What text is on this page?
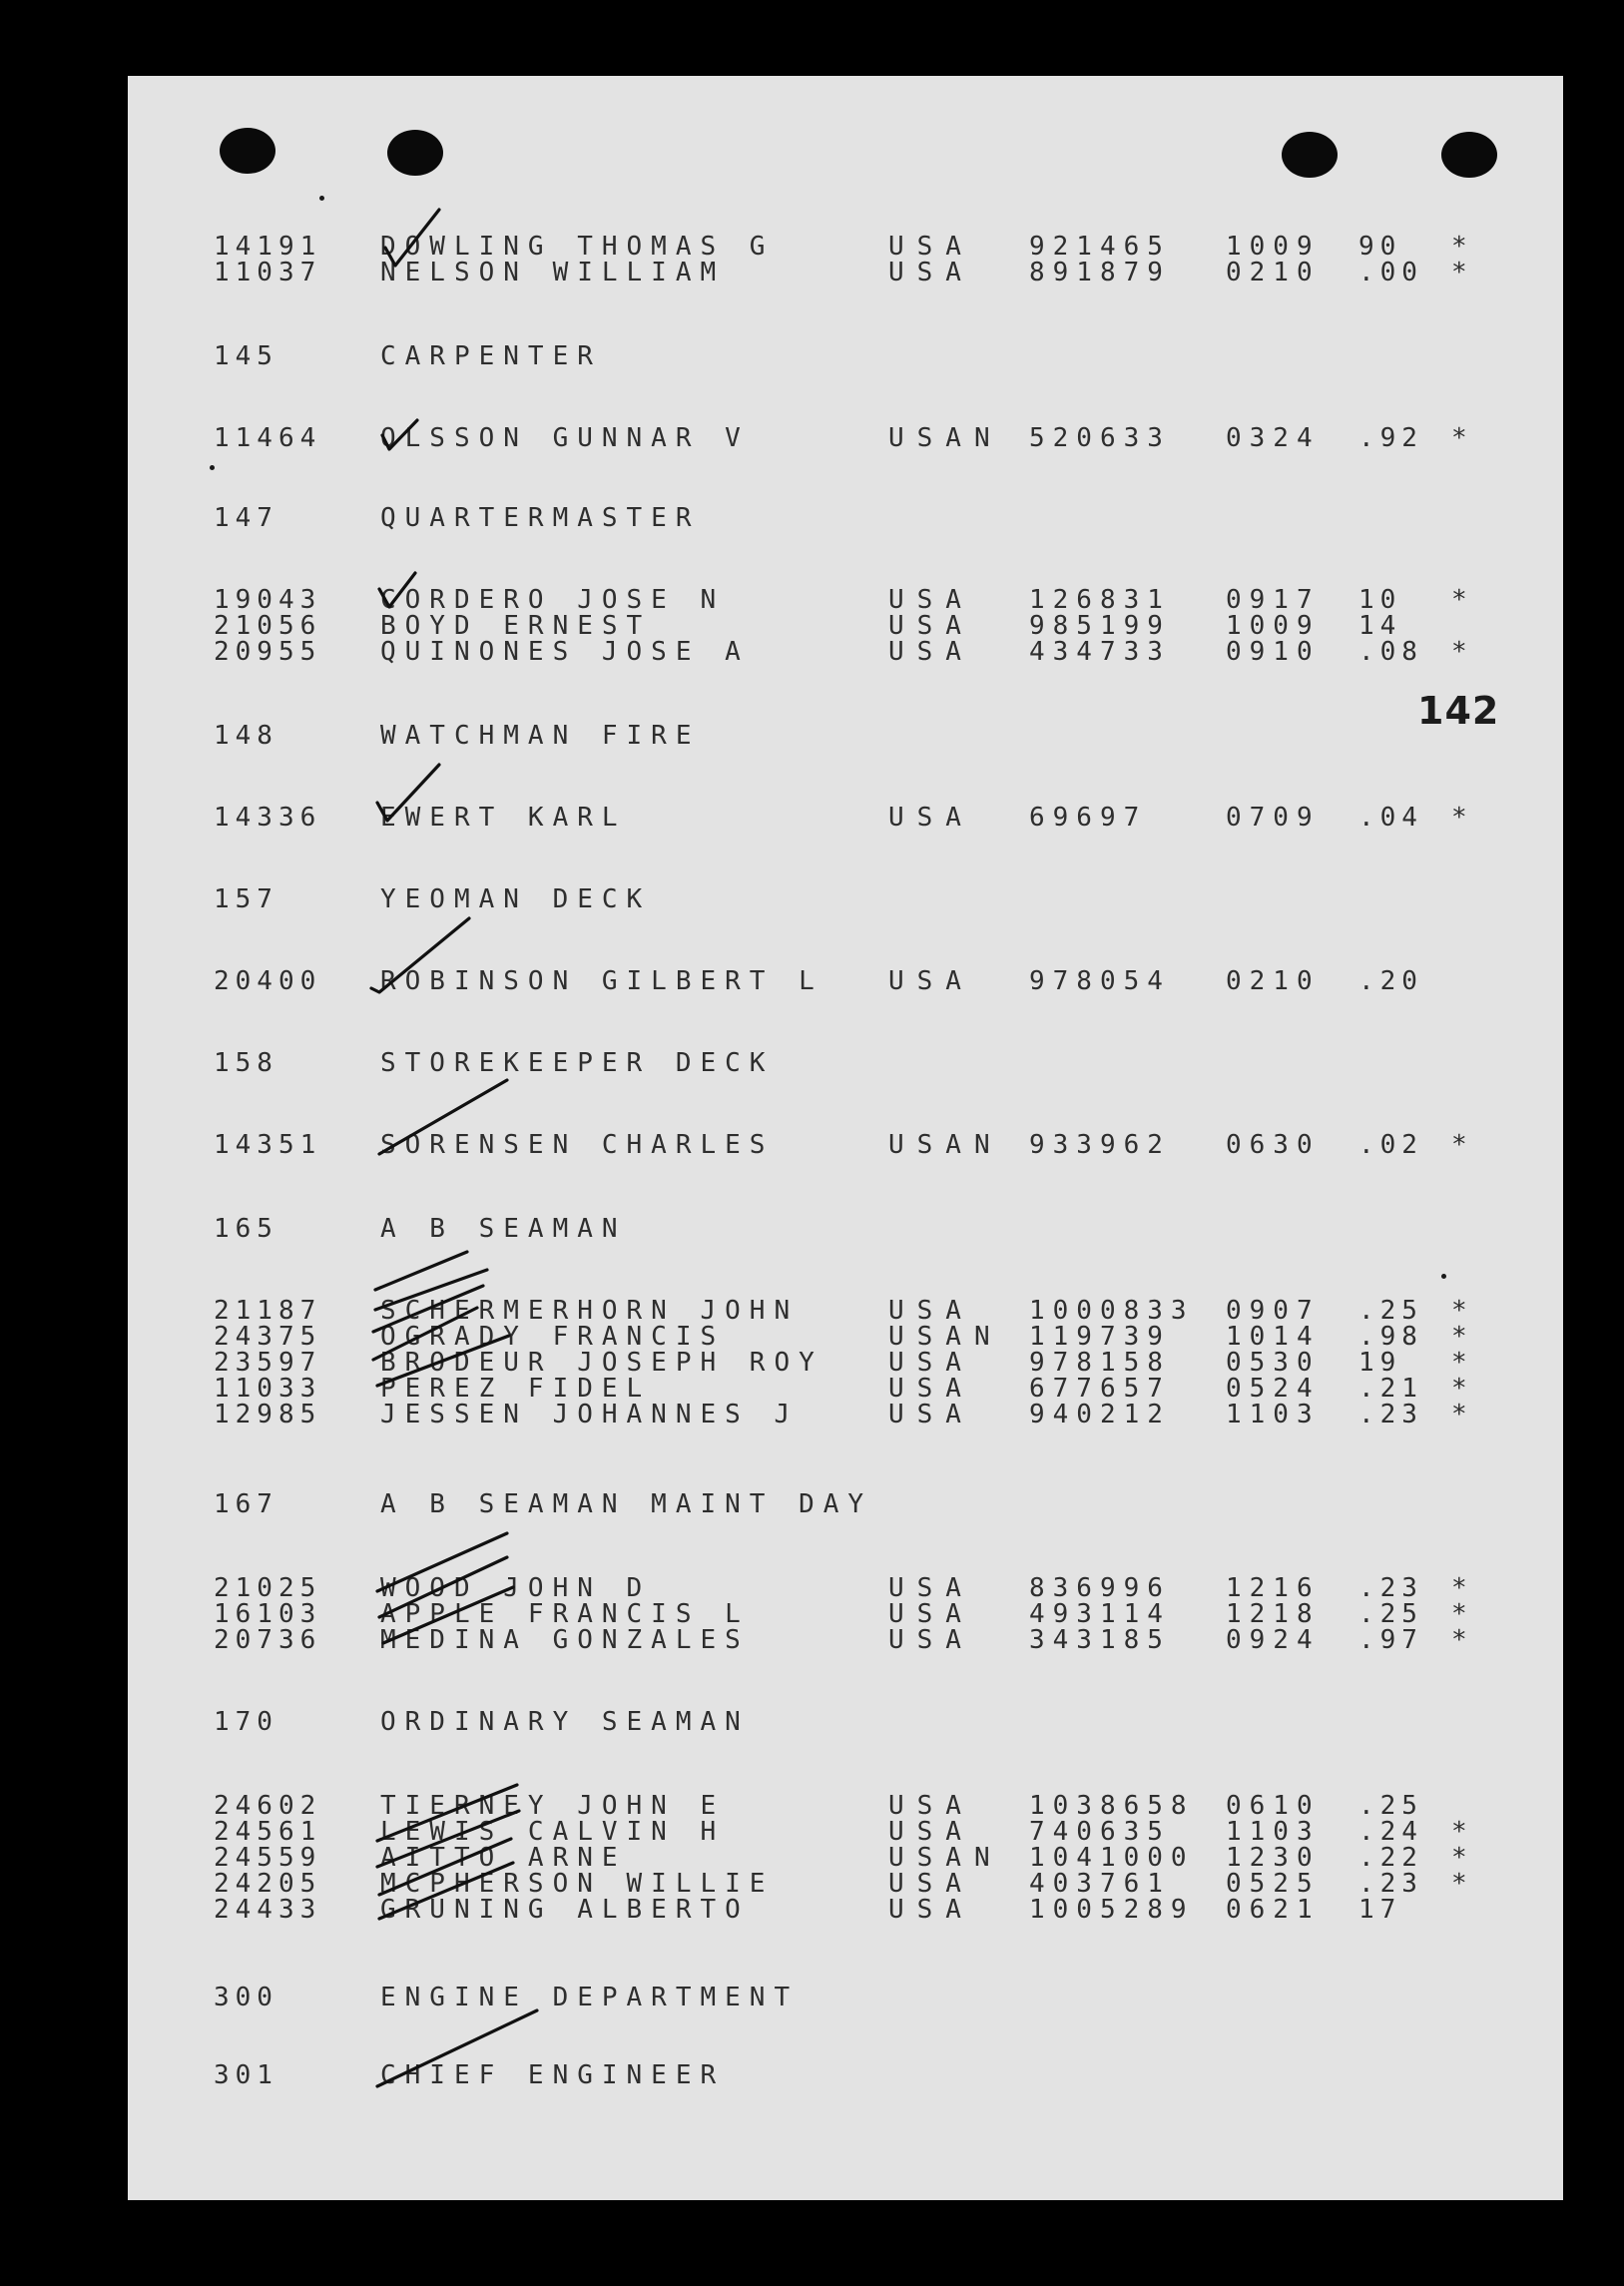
142
14191 DOWLING THOMAS G	USA 921465 1009 90 *
11037 NELSON WILLIAM	USA 891879 0210 .00 *
145	CARPENTER
11464 OLSSON GUNNAR V	USAN 520633 0324 .92 *
147	QUARTERMASTER
19043 CORDERO JOSE N	USA 126831 0917 10 *
21056 BOYD ERNEST	USA 985199 1009 14
20955 QUINONES JOSE A	USA 434733 0910 .08 *
148	WATCHMAN FIRE
14336 EWERT KARL	USA 69697	0709 .04 *
157	YEOMAN DECK
20400 ROBINSON GILBERT L	USA 978054 0210 .20
158	STOREKEEPER DECK
14351 SORENSEN CHARLES	USAN 933962 0630 .02 *
165	A B SEAMAN
21187 SCHERMERHORN JOHN	USA 1000833 0907 .25 *
24375 OGRADY FRANCIS	USAN 119739 1014 .98 *
23597 BRODEUR JOSEPH ROY	USA 978158 0530 19 *
11033 PEREZ FIDEL	USA 677657 0524 .21 *
12985 JESSEN JOHANNES J	USA 940212 1103 .23 *
167	A B SEAMAN MAINT DAY
21025 WOOD JOHN D	USA 836996 1216 .23 *
16103 APPLE FRANCIS L	USA 493114 1218 .25 *
20736 MEDINA GONZALES	USA 343185 0924 .97 *
170	ORDINARY SEAMAN
24602 TIERNEY JOHN E	USA 1038658 0610 .25
24561 LEWIS CALVIN H	USA 740635 1103 .24 *
24559 AITTO ARNE	USAN 1041000 1230 .22 *
24205 MCPHERSON WILLIE	USA 403761 0525 .23 *
24433 GRUNING ALBERTO	USA 1005289 0621 17
300	ENGINE DEPARTMENT
301	CHIEF ENGINEER
